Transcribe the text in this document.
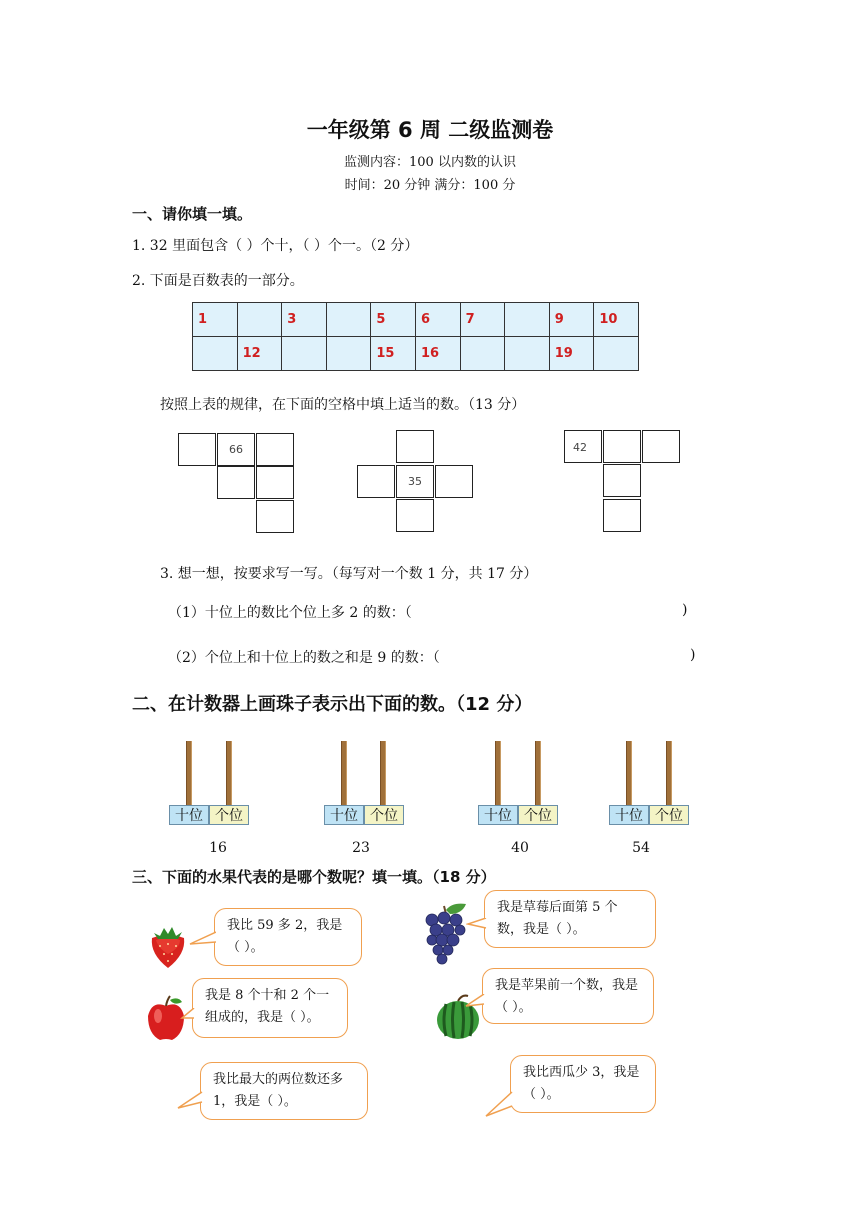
一年级第 6 周 二级监测卷
监测内容：100 以内数的认识
时间：20 分钟 满分：100 分
一、请你填一填。
1. 32 里面包含（ ）个十，（ ）个一。（2 分）
2. 下面是百数表的一部分。
1		3		5	6	7		9	10
	12			15	16			19	
按照上表的规律，在下面的空格中填上适当的数。（13 分）
66
35
42
3. 想一想，按要求写一写。（每写对一个数 1 分，共 17 分）
（1）十位上的数比个位上多 2 的数：（	)
（2）个位上和十位上的数之和是 9 的数：（	)
二、在计数器上画珠子表示出下面的数。（12 分）
十位 个位
16
十位 个位
23
十位 个位
40
十位 个位
54
三、下面的水果代表的是哪个数呢？填一填。（18 分）
我比 59 多 2，我是（ ）。
我是 8 个十和 2 个一组成的，我是（ ）。
我比最大的两位数还多 1，我是（ ）。
我是草莓后面第 5 个数，我是（ ）。
我是苹果前一个数，我是（ ）。
我比西瓜少 3，我是（ ）。
